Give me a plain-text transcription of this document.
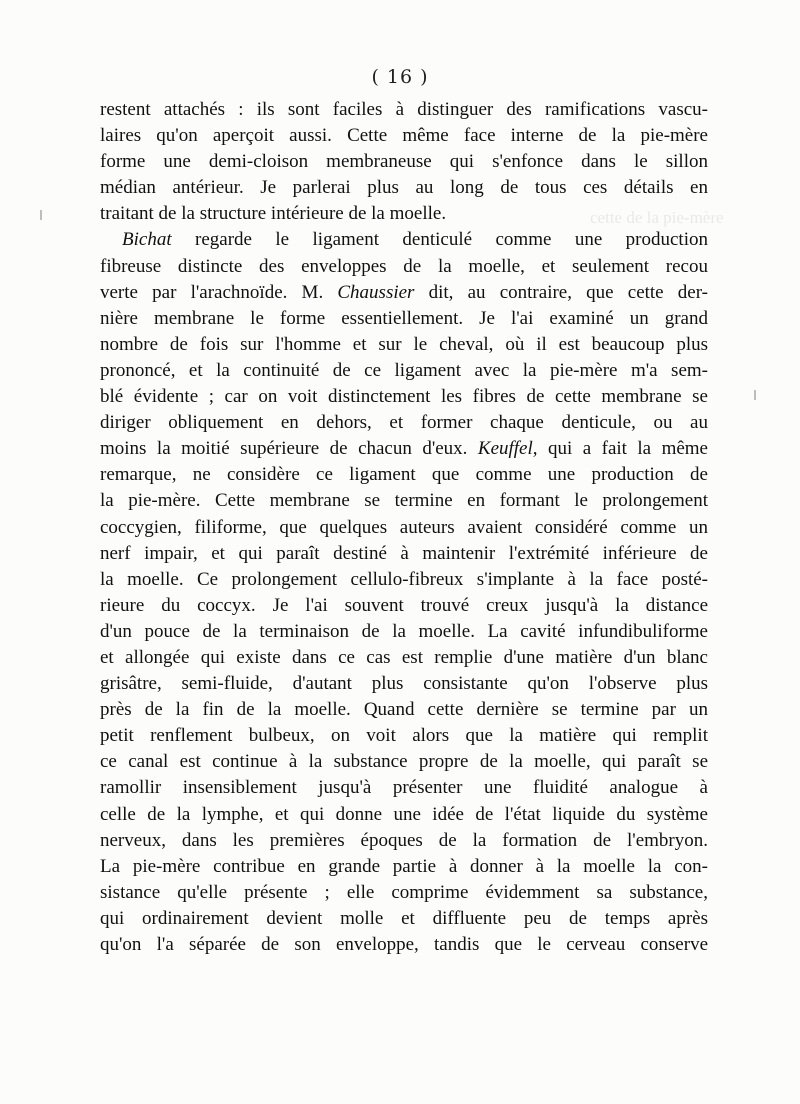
( 16 )
cette de la pie-mère
restent attachés : ils sont faciles à distinguer des ramifications vascu-
laires qu'on aperçoit aussi. Cette même face interne de la pie-mère
forme une demi-cloison membraneuse qui s'enfonce dans le sillon
médian antérieur. Je parlerai plus au long de tous ces détails en
traitant de la structure intérieure de la moelle.
Bichat regarde le ligament denticulé comme une production
fibreuse distincte des enveloppes de la moelle, et seulement recou
verte par l'arachnoïde. M. Chaussier dit, au contraire, que cette der-
nière membrane le forme essentiellement. Je l'ai examiné un grand
nombre de fois sur l'homme et sur le cheval, où il est beaucoup plus
prononcé, et la continuité de ce ligament avec la pie-mère m'a sem-
blé évidente ; car on voit distinctement les fibres de cette membrane se
diriger obliquement en dehors, et former chaque denticule, ou au
moins la moitié supérieure de chacun d'eux. Keuffel, qui a fait la même
remarque, ne considère ce ligament que comme une production de
la pie-mère. Cette membrane se termine en formant le prolongement
coccygien, filiforme, que quelques auteurs avaient considéré comme un
nerf impair, et qui paraît destiné à maintenir l'extrémité inférieure de
la moelle. Ce prolongement cellulo-fibreux s'implante à la face posté-
rieure du coccyx. Je l'ai souvent trouvé creux jusqu'à la distance
d'un pouce de la terminaison de la moelle. La cavité infundibuliforme
et allongée qui existe dans ce cas est remplie d'une matière d'un blanc
grisâtre, semi-fluide, d'autant plus consistante qu'on l'observe plus
près de la fin de la moelle. Quand cette dernière se termine par un
petit renflement bulbeux, on voit alors que la matière qui remplit
ce canal est continue à la substance propre de la moelle, qui paraît se
ramollir insensiblement jusqu'à présenter une fluidité analogue à
celle de la lymphe, et qui donne une idée de l'état liquide du système
nerveux, dans les premières époques de la formation de l'embryon.
La pie-mère contribue en grande partie à donner à la moelle la con-
sistance qu'elle présente ; elle comprime évidemment sa substance,
qui ordinairement devient molle et diffluente peu de temps après
qu'on l'a séparée de son enveloppe, tandis que le cerveau conserve
